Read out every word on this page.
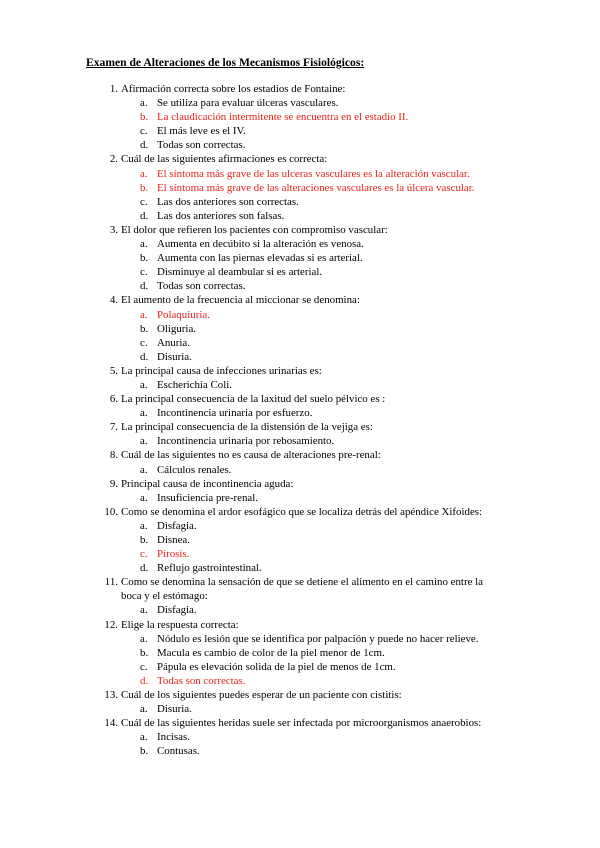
Examen de Alteraciones de los Mecanismos Fisiológicos:
1. Afirmación correcta sobre los estadios de Fontaine:
a. Se utiliza para evaluar úlceras vasculares.
b. La claudicación intermitente se encuentra en el estadio II.
c. El más leve es el IV.
d. Todas son correctas.
2. Cuál de las siguientes afirmaciones es correcta:
a. El síntoma más grave de las ulceras vasculares es la alteración vascular.
b. El síntoma más grave de las alteraciones vasculares es la úlcera vascular.
c. Las dos anteriores son correctas.
d. Las dos anteriores son falsas.
3. El dolor que refieren los pacientes con compromiso vascular:
a. Aumenta en decúbito si la alteración es venosa.
b. Aumenta con las piernas elevadas si es arterial.
c. Disminuye al deambular si es arterial.
d. Todas son correctas.
4. El aumento de la frecuencia al miccionar se denomina:
a. Polaquiuria.
b. Oliguria.
c. Anuria.
d. Disuria.
5. La principal causa de infecciones urinarias es:
a. Escherichia Coli.
6. La principal consecuencia de la laxitud del suelo pélvico es :
a. Incontinencia urinaria por esfuerzo.
7. La principal consecuencia de la distensión de la vejiga es:
a. Incontinencia urinaria por rebosamiento.
8. Cuál de las siguientes no es causa de alteraciones pre-renal:
a. Cálculos renales.
9. Principal causa de incontinencia aguda:
a. Insuficiencia pre-renal.
10. Como se denomina el ardor esofágico que se localiza detrás del apéndice Xifoides:
a. Disfagia.
b. Disnea.
c. Pirosis.
d. Reflujo gastrointestinal.
11. Como se denomina la sensación de que se detiene el alimento en el camino entre la boca y el estómago:
a. Disfagia.
12. Elige la respuesta correcta:
a. Nódulo es lesión que se identifica por palpación y puede no hacer relieve.
b. Macula es cambio de color de la piel menor de 1cm.
c. Pápula es elevación solida de la piel de menos de 1cm.
d. Todas son correctas.
13. Cuál de los siguientes puedes esperar de un paciente con cistitis:
a. Disuria.
14. Cuál de las siguientes heridas suele ser infectada por microorganismos anaerobios:
a. Incisas.
b. Contusas.
